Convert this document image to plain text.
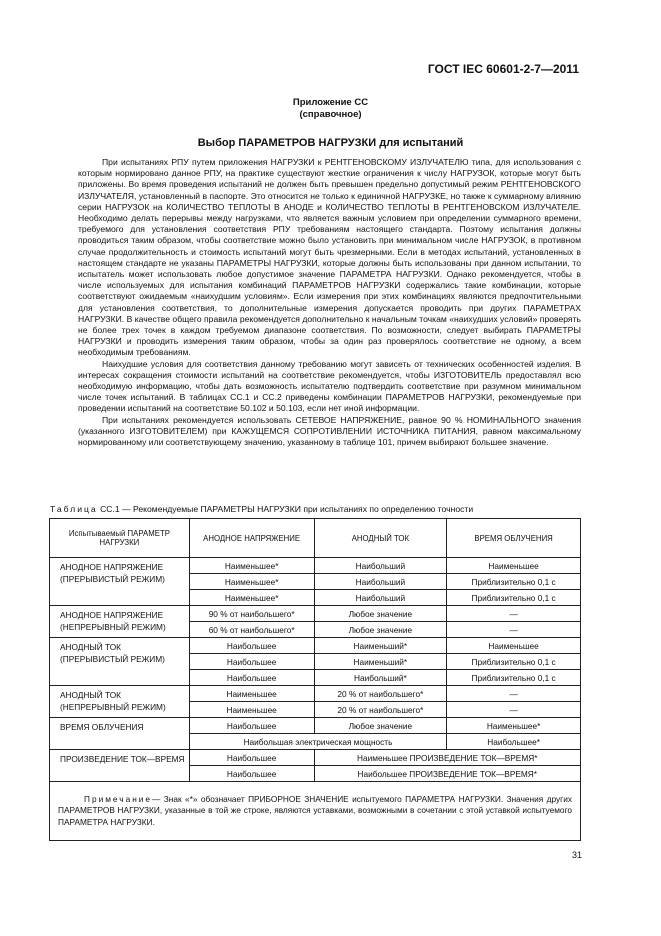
ГОСТ IEC 60601-2-7—2011
Приложение СС
(справочное)
Выбор ПАРАМЕТРОВ НАГРУЗКИ для испытаний

При испытаниях РПУ путем приложения НАГРУЗКИ к РЕНТГЕНОВСКОМУ ИЗЛУЧАТЕЛЮ типа, для использования с которым нормировано данное РПУ, на практике существуют жесткие ограничения к числу НАГРУЗОК, которые могут быть приложены. Во время проведения испытаний не должен быть превышен предельно допустимый режим РЕНТГЕНОВСКОГО ИЗЛУЧАТЕЛЯ, установленный в паспорте. Это относится не только к единичной НАГРУЗКЕ, но также к суммарному влиянию серии НАГРУЗОК на КОЛИЧЕСТВО ТЕПЛОТЫ В АНОДЕ и КОЛИЧЕСТВО ТЕПЛОТЫ В РЕНТГЕНОВСКОМ ИЗЛУЧАТЕЛЕ. Необходимо делать перерывы между нагрузками, что является важным условием при определении суммарного времени, требуемого для установления соответствия РПУ требованиям настоящего стандарта. Поэтому испытания должны проводиться таким образом, чтобы соответствие можно было установить при минимальном числе НАГРУЗОК, в противном случае продолжительность и стоимость испытаний могут быть чрезмерными. Если в методах испытаний, установленных в настоящем стандарте не указаны ПАРАМЕТРЫ НАГРУЗКИ, которые должны быть использованы при данном испытании, то испытатель может использовать любое допустимое значение ПАРАМЕТРА НАГРУЗКИ. Однако рекомендуется, чтобы в числе используемых для испытания комбинаций ПАРАМЕТРОВ НАГРУЗКИ содержались такие комбинации, которые соответствуют ожидаемым «наихудшим условиям». Если измерения при этих комбинациях являются предпочтительными для установления соответствия, то дополнительные измерения допускается проводить при других ПАРАМЕТРАХ НАГРУЗКИ. В качестве общего правила рекомендуется дополнительно к начальным точкам «наихудших условий» проверять не более трех точек в каждом требуемом диапазоне соответствия. По возможности, следует выбирать ПАРАМЕТРЫ НАГРУЗКИ и проводить измерения таким образом, чтобы за один раз проверялось соответствие не одному, а всем необходимым требованиям.

Наихудшие условия для соответствия данному требованию могут зависеть от технических особенностей изделия. В интересах сокращения стоимости испытаний на соответствие рекомендуется, чтобы ИЗГОТОВИТЕЛЬ предоставлял всю необходимую информацию, чтобы дать возможность испытателю подтвердить соответствие при разумном минимальном числе точек испытаний. В таблицах СС.1 и СС.2 приведены комбинации ПАРАМЕТРОВ НАГРУЗКИ, рекомендуемые при проведении испытаний на соответствие 50.102 и 50.103, если нет иной информации.

При испытаниях рекомендуется использовать СЕТЕВОЕ НАПРЯЖЕНИЕ, равное 90 % НОМИНАЛЬНОГО значения (указанного ИЗГОТОВИТЕЛЕМ) при КАЖУЩЕМСЯ СОПРОТИВЛЕНИИ ИСТОЧНИКА ПИТАНИЯ, равном максимальному нормированному или соответствующему значению, указанному в таблице 101, причем выбирают большее значение.

Таблица СС.1 — Рекомендуемые ПАРАМЕТРЫ НАГРУЗКИ при испытаниях по определению точности
Испытываемый ПАРАМЕТР НАГРУЗКИ	АНОДНОЕ НАПРЯЖЕНИЕ	АНОДНЫЙ ТОК	ВРЕМЯ ОБЛУЧЕНИЯ
АНОДНОЕ НАПРЯЖЕНИЕ (ПРЕРЫВИСТЫЙ РЕЖИМ)	Наименьшее*	Наибольший	Наименьшее
	Наименьшее*	Наибольший	Приблизительно 0,1 с
	Наименьшее*	Наибольший	Приблизительно 0,1 с
АНОДНОЕ НАПРЯЖЕНИЕ (НЕПРЕРЫВНЫЙ РЕЖИМ)	90 % от наибольшего*	Любое значение	—
	60 % от наибольшего*	Любое значение	—
АНОДНЫЙ ТОК (ПРЕРЫВИСТЫЙ РЕЖИМ)	Наибольшее	Наименьший*	Наименьшее
	Наибольшее	Наименьший*	Приблизительно 0,1 с
	Наибольшее	Наибольший*	Приблизительно 0,1 с
АНОДНЫЙ ТОК (НЕПРЕРЫВНЫЙ РЕЖИМ)	Наименьшее	20 % от наибольшего*	—
	Наименьшее	20 % от наибольшего*	—
ВРЕМЯ ОБЛУЧЕНИЯ	Наибольшее	Любое значение	Наименьшее*
	Наибольшая электрическая мощность		Наибольшее*
ПРОИЗВЕДЕНИЕ ТОК—ВРЕМЯ	Наибольшее	Наименьшее ПРОИЗВЕДЕНИЕ ТОК—ВРЕМЯ*	
	Наибольшее	Наибольшее ПРОИЗВЕДЕНИЕ ТОК—ВРЕМЯ*	
Примечание— Знак «*» обозначает ПРИБОРНОЕ ЗНАЧЕНИЕ испытуемого ПАРАМЕТРА НАГРУЗКИ. Значения других ПАРАМЕТРОВ НАГРУЗКИ, указанные в той же строке, являются уставками, возможными в сочетании с этой уставкой испытуемого ПАРАМЕТРА НАГРУЗКИ.			
31
